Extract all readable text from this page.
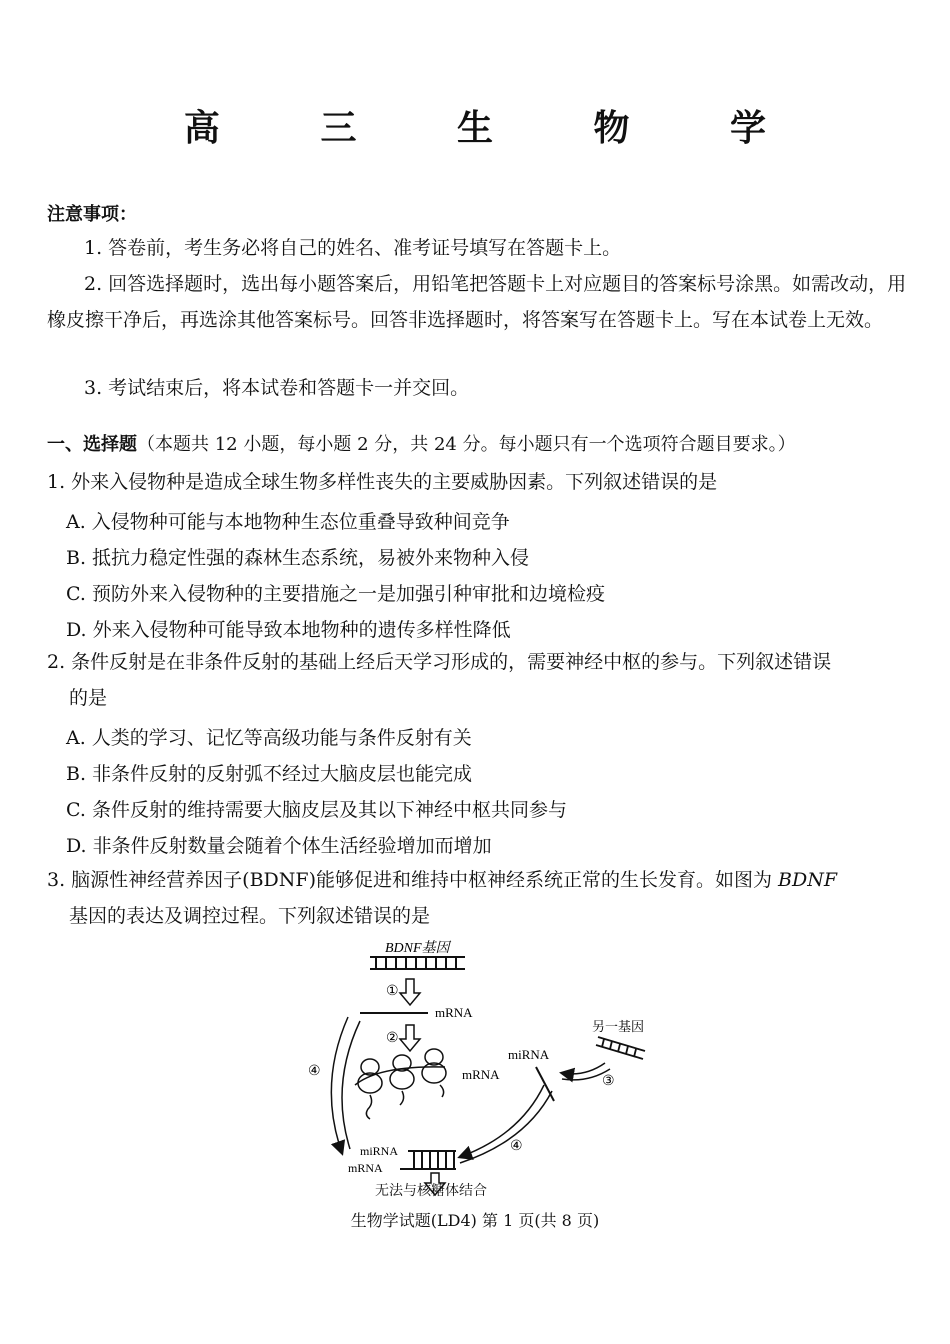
高 三 生 物 学
注意事项：
1. 答卷前，考生务必将自己的姓名、准考证号填写在答题卡上。
2. 回答选择题时，选出每小题答案后，用铅笔把答题卡上对应题目的答案标号涂黑。如需改动，用橡皮擦干净后，再选涂其他答案标号。回答非选择题时，将答案写在答题卡上。写在本试卷上无效。
3. 考试结束后，将本试卷和答题卡一并交回。
一、选择题（本题共 12 小题，每小题 2 分，共 24 分。每小题只有一个选项符合题目要求。）
1. 外来入侵物种是造成全球生物多样性丧失的主要威胁因素。下列叙述错误的是
A. 入侵物种可能与本地物种生态位重叠导致种间竞争
B. 抵抗力稳定性强的森林生态系统，易被外来物种入侵
C. 预防外来入侵物种的主要措施之一是加强引种审批和边境检疫
D. 外来入侵物种可能导致本地物种的遗传多样性降低
2. 条件反射是在非条件反射的基础上经后天学习形成的，需要神经中枢的参与。下列叙述错误
的是
A. 人类的学习、记忆等高级功能与条件反射有关
B. 非条件反射的反射弧不经过大脑皮层也能完成
C. 条件反射的维持需要大脑皮层及其以下神经中枢共同参与
D. 非条件反射数量会随着个体生活经验增加而增加
3. 脑源性神经营养因子(BDNF)能够促进和维持中枢神经系统正常的生长发育。如图为 BDNF
基因的表达及调控过程。下列叙述错误的是
BDNF基因
①
mRNA
②
mRNA
④
另一基因
③
miRNA
④
miRNA
mRNA
无法与核糖体结合
生物学试题(LD4) 第 1 页(共 8 页)
